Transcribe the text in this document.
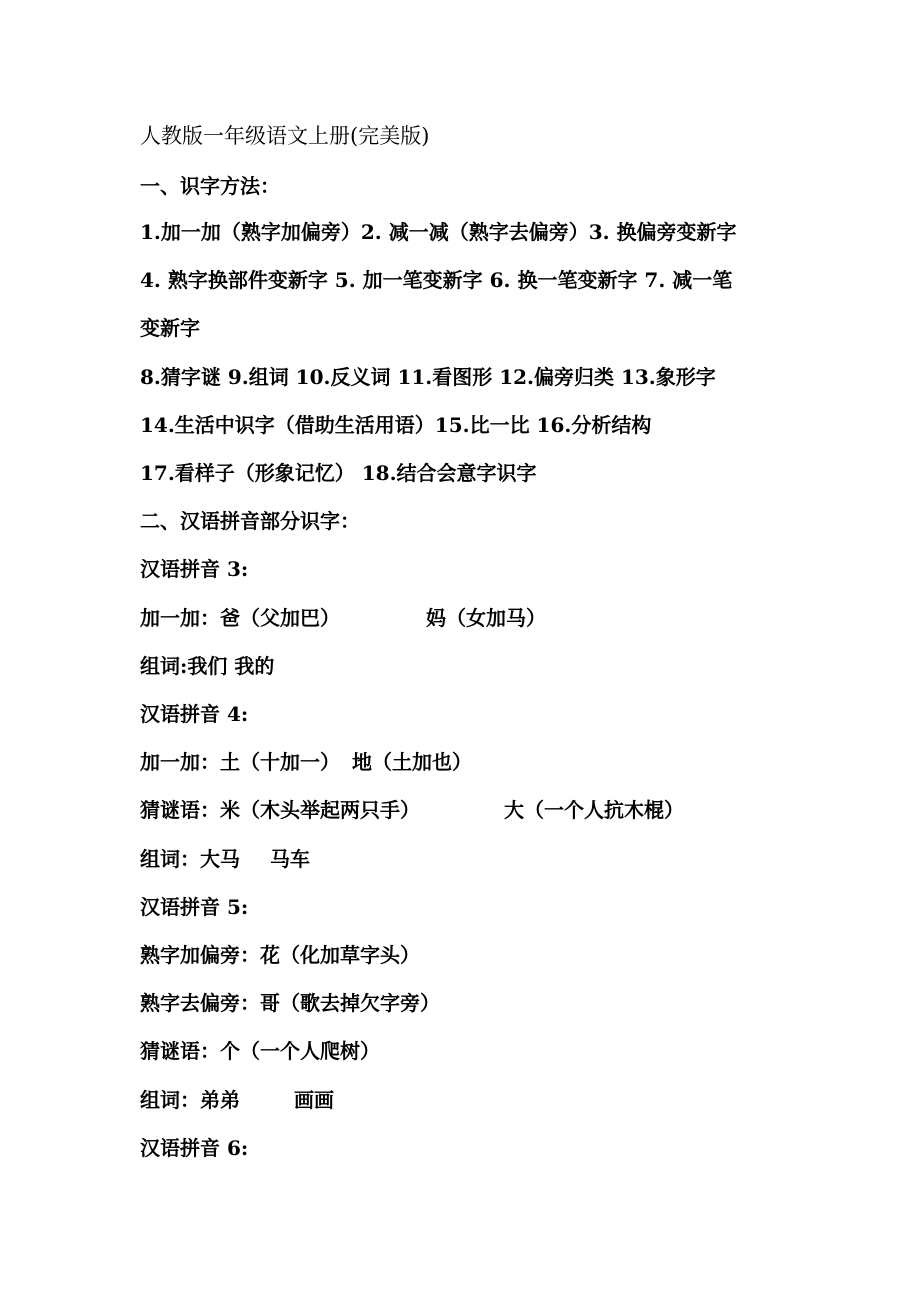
人教版一年级语文上册(完美版)

一、识字方法：

1.加一加（熟字加偏旁）2. 减一减（熟字去偏旁）3. 换偏旁变新字

4. 熟字换部件变新字 5. 加一笔变新字 6. 换一笔变新字 7. 减一笔

变新字

8.猜字谜 9.组词 10.反义词 11.看图形 12.偏旁归类 13.象形字

14.生活中识字（借助生活用语）15.比一比 16.分析结构

17.看样子（形象记忆） 18.结合会意字识字

二、汉语拼音部分识字：

汉语拼音 3:

加一加：爸（父加巴）	妈（女加马）

组词:我们 我的

汉语拼音 4:

加一加：土（十加一） 地（土加也）

猜谜语：米（木头举起两只手）	大（一个人抗木棍）

组词：大马 马车

汉语拼音 5:

熟字加偏旁：花（化加草字头）

熟字去偏旁：哥（歌去掉欠字旁）

猜谜语：个（一个人爬树）

组词：弟弟	画画

汉语拼音 6:
